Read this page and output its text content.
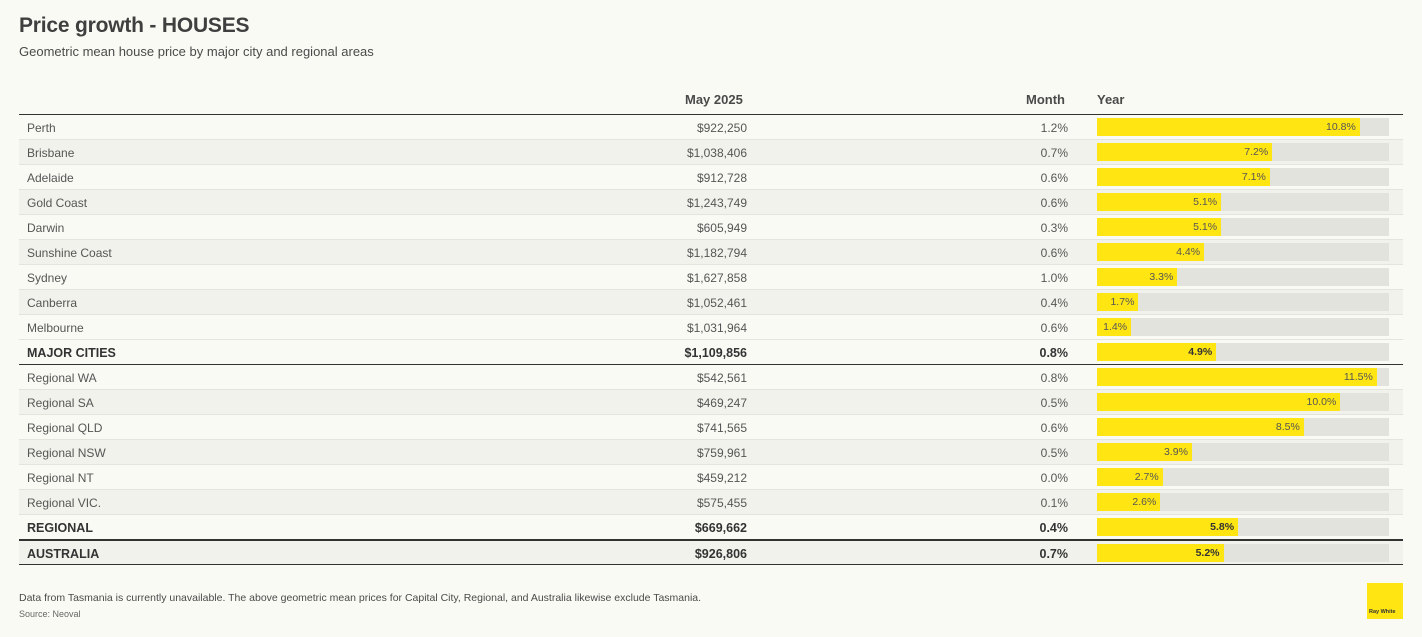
Price growth - HOUSES
Geometric mean house price by major city and regional areas
May 2025	Month Year
Perth	$922,250	1.2%	10.8%
Brisbane	$1,038,406	0.7%	7.2%
Adelaide	$912,728	0.6%	7.1%
Gold Coast	$1,243,749	0.6%	5.1%
Darwin	$605,949	0.3%	5.1%
Sunshine Coast	$1,182,794	0.6%	4.4%
Sydney	$1,627,858	1.0%	3.3%
Canberra	$1,052,461	0.4%	1.7%
Melbourne	$1,031,964	0.6%	1.4%
MAJOR CITIES	$1,109,856	0.8%	4.9%
Regional WA	$542,561	0.8%	11.5%
Regional SA	$469,247	0.5%	10.0%
Regional QLD	$741,565	0.6%	8.5%
Regional NSW	$759,961	0.5%	3.9%
Regional NT	$459,212	0.0%	2.7%
Regional VIC.	$575,455	0.1%	2.6%
REGIONAL	$669,662	0.4%	5.8%
AUSTRALIA	$926,806	0.7%	5.2%
Data from Tasmania is currently unavailable. The above geometric mean prices for Capital City, Regional, and Australia likewise exclude Tasmania.
Source: Neoval	Ray White
